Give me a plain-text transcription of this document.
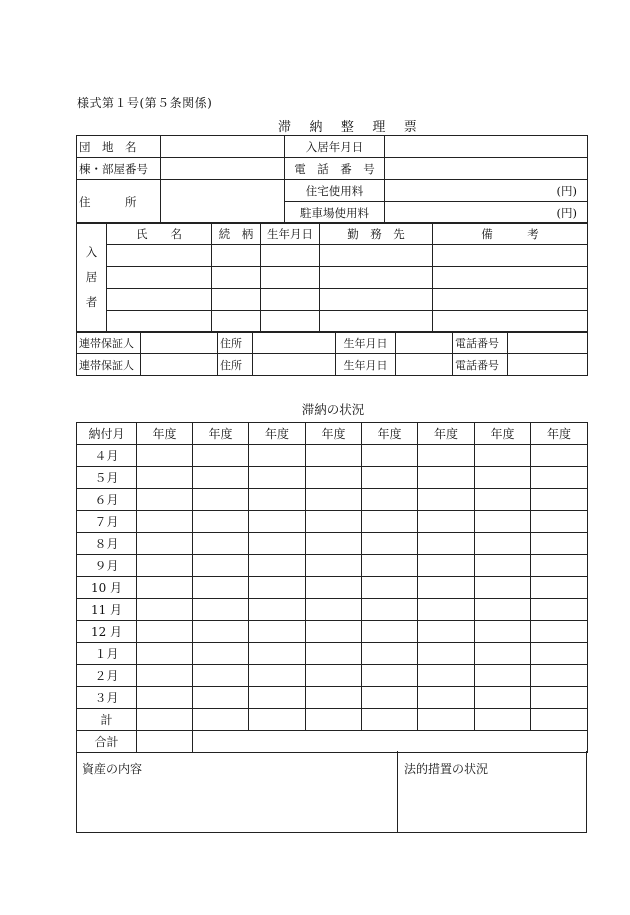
様式第１号(第５条関係)
滞 納 整 理 票
団　地　名		入居年月日	
棟・部屋番号		電　話　番　号	
住　　　所		住宅使用料	(円)
		駐車場使用料	(円)
入居者	氏　　名	続　柄	生年月日	勤　務　先	備　　　考

連帯保証人		住所		生年月日		電話番号	
連帯保証人		住所		生年月日		電話番号	
滞納の状況
納付月	年度	年度	年度	年度	年度	年度	年度	年度
４月								
５月								
６月								
７月								
８月								
９月								
10 月								
11 月								
12 月								
１月								
２月								
３月								
計								
合計								
資産の内容	法的措置の状況
